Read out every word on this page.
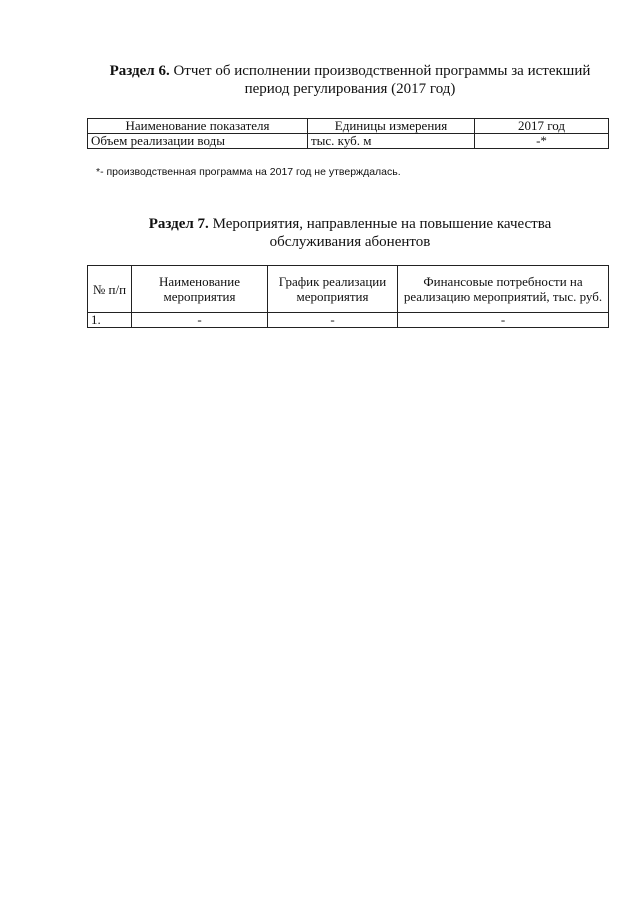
Раздел 6. Отчет об исполнении производственной программы за истекший
период регулирования (2017 год)
Наименование показателя	Единицы измерения	2017 год
Объем реализации воды	тыс. куб. м	-*
*- производственная программа на 2017 год не утверждалась.
Раздел 7. Мероприятия, направленные на повышение качества
обслуживания абонентов
№ п/п	Наименование мероприятия	График реализации мероприятия	Финансовые потребности на реализацию мероприятий, тыс. руб.
1.	-	-	-
